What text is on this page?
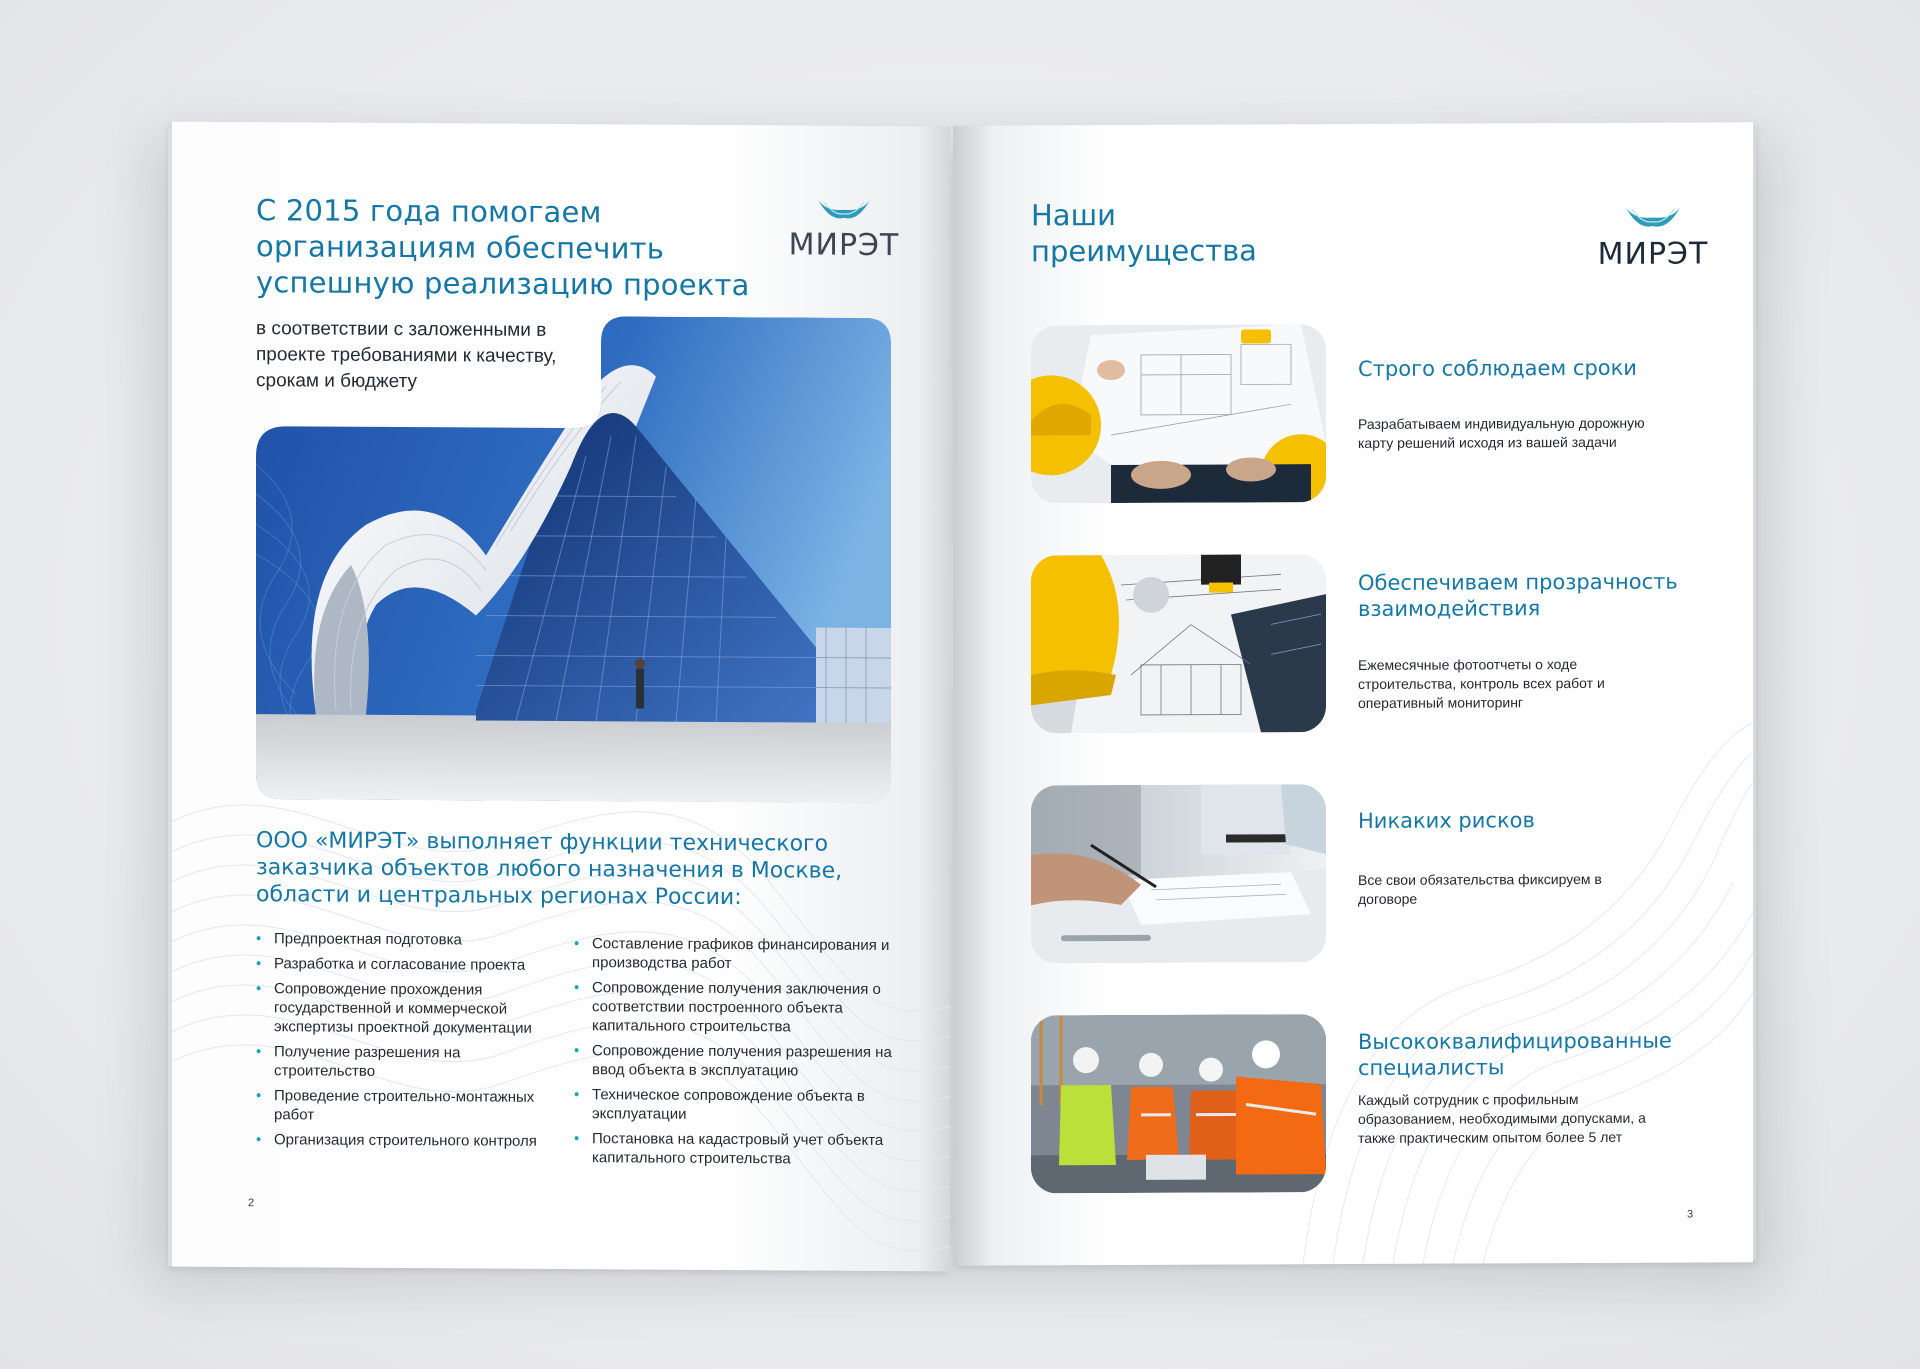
С 2015 года помогаем организациям обеспечить успешную реализацию проекта
МИРЭТ
в соответствии с заложенными в проекте требованиями к качеству, срокам и бюджету
ООО «МИРЭТ» выполняет функции технического заказчика объектов любого назначения в Москве, области и центральных регионах России:
• Предпроектная подготовка
• Разработка и согласование проекта
• Сопровождение прохождения государственной и коммерческой экспертизы проектной документации
• Получение разрешения на строительство
• Проведение строительно-монтажных работ
• Организация строительного контроля
• Составление графиков финансирования и производства работ
• Сопровождение получения заключения о соответствии построенного объекта капитального строительства
• Сопровождение получения разрешения на ввод объекта в эксплуатацию
• Техническое сопровождение объекта в эксплуатации
• Постановка на кадастровый учет объекта капитального строительства
2
Наши преимущества	МИРЭТ
Строго соблюдаем сроки
Разрабатываем индивидуальную дорожную карту решений исходя из вашей задачи
Обеспечиваем прозрачность взаимодействия
Ежемесячные фотоотчеты о ходе строительства, контроль всех работ и оперативный мониторинг
Никаких рисков
Все свои обязательства фиксируем в договоре
Высококвалифицированные специалисты
Каждый сотрудник с профильным образованием, необходимыми допусками, а также практическим опытом более 5 лет
3
